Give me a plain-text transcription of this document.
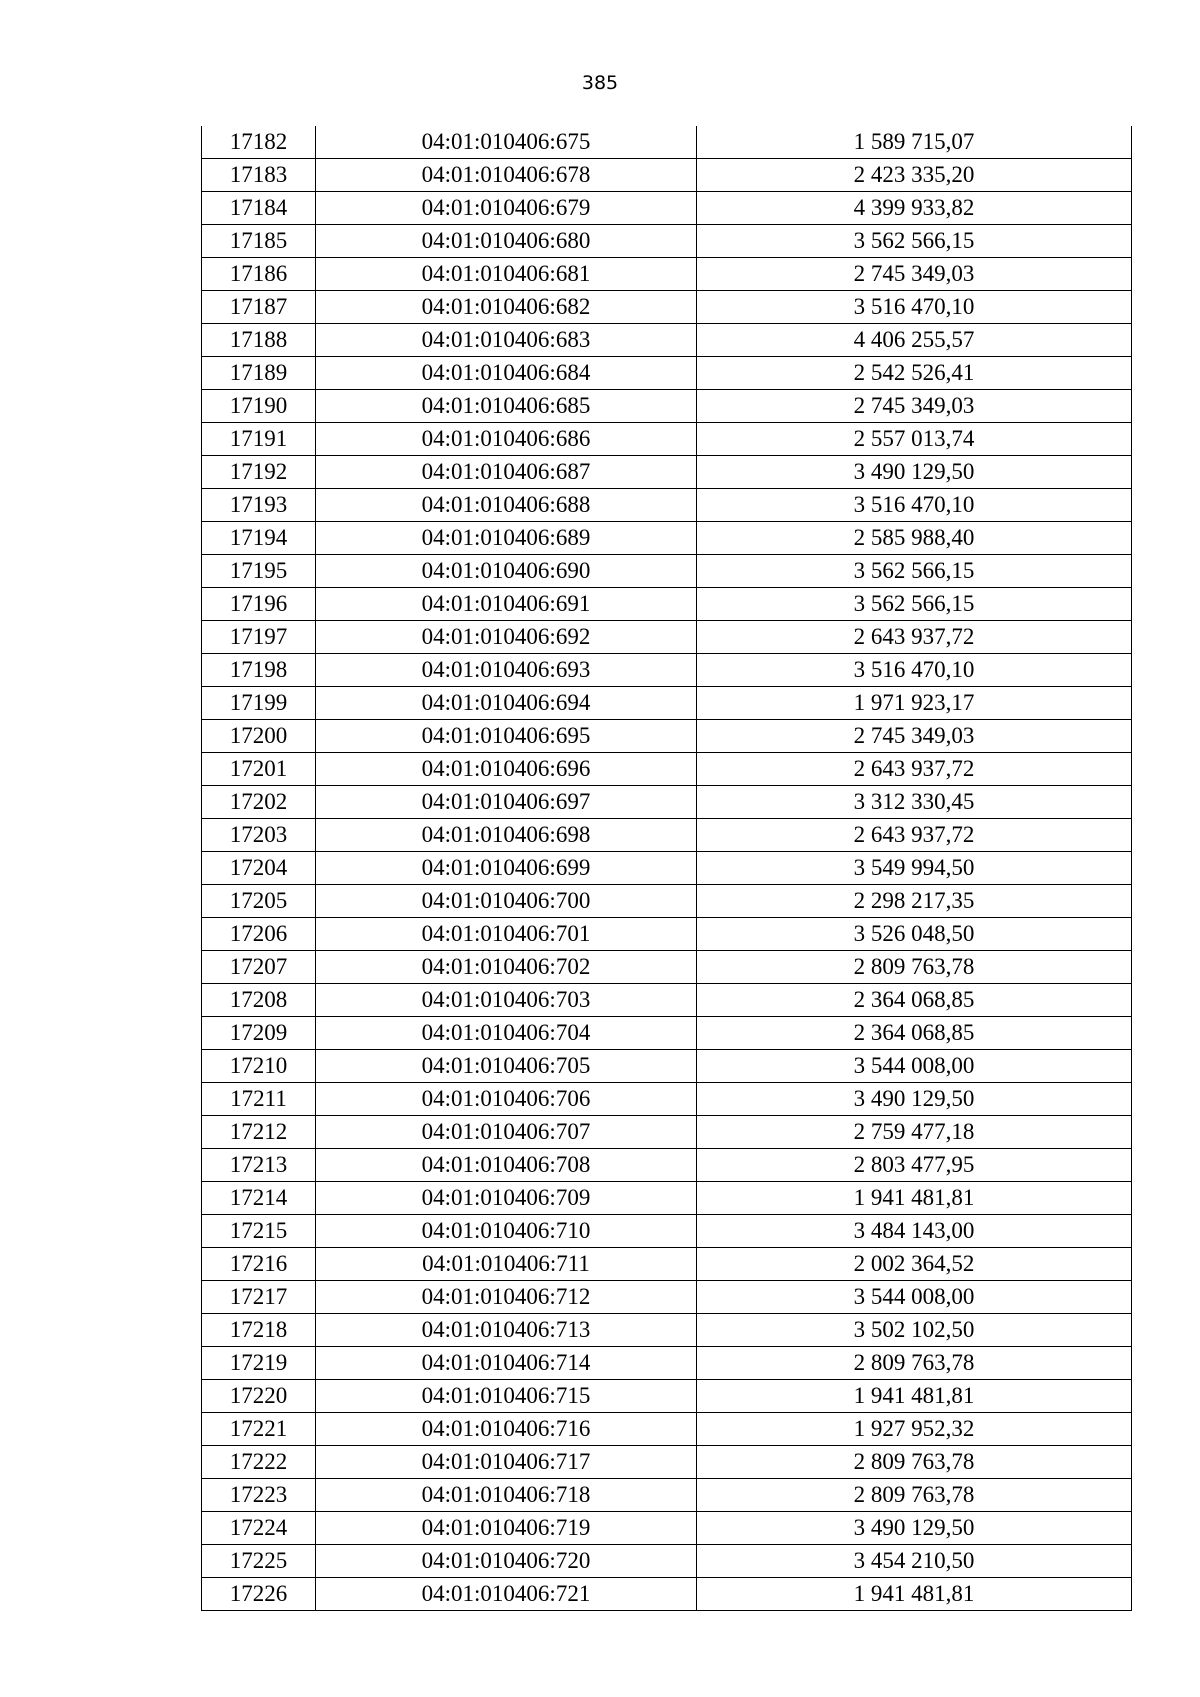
385
17182	04:01:010406:675	1 589 715,07
17183	04:01:010406:678	2 423 335,20
17184	04:01:010406:679	4 399 933,82
17185	04:01:010406:680	3 562 566,15
17186	04:01:010406:681	2 745 349,03
17187	04:01:010406:682	3 516 470,10
17188	04:01:010406:683	4 406 255,57
17189	04:01:010406:684	2 542 526,41
17190	04:01:010406:685	2 745 349,03
17191	04:01:010406:686	2 557 013,74
17192	04:01:010406:687	3 490 129,50
17193	04:01:010406:688	3 516 470,10
17194	04:01:010406:689	2 585 988,40
17195	04:01:010406:690	3 562 566,15
17196	04:01:010406:691	3 562 566,15
17197	04:01:010406:692	2 643 937,72
17198	04:01:010406:693	3 516 470,10
17199	04:01:010406:694	1 971 923,17
17200	04:01:010406:695	2 745 349,03
17201	04:01:010406:696	2 643 937,72
17202	04:01:010406:697	3 312 330,45
17203	04:01:010406:698	2 643 937,72
17204	04:01:010406:699	3 549 994,50
17205	04:01:010406:700	2 298 217,35
17206	04:01:010406:701	3 526 048,50
17207	04:01:010406:702	2 809 763,78
17208	04:01:010406:703	2 364 068,85
17209	04:01:010406:704	2 364 068,85
17210	04:01:010406:705	3 544 008,00
17211	04:01:010406:706	3 490 129,50
17212	04:01:010406:707	2 759 477,18
17213	04:01:010406:708	2 803 477,95
17214	04:01:010406:709	1 941 481,81
17215	04:01:010406:710	3 484 143,00
17216	04:01:010406:711	2 002 364,52
17217	04:01:010406:712	3 544 008,00
17218	04:01:010406:713	3 502 102,50
17219	04:01:010406:714	2 809 763,78
17220	04:01:010406:715	1 941 481,81
17221	04:01:010406:716	1 927 952,32
17222	04:01:010406:717	2 809 763,78
17223	04:01:010406:718	2 809 763,78
17224	04:01:010406:719	3 490 129,50
17225	04:01:010406:720	3 454 210,50
17226	04:01:010406:721	1 941 481,81
